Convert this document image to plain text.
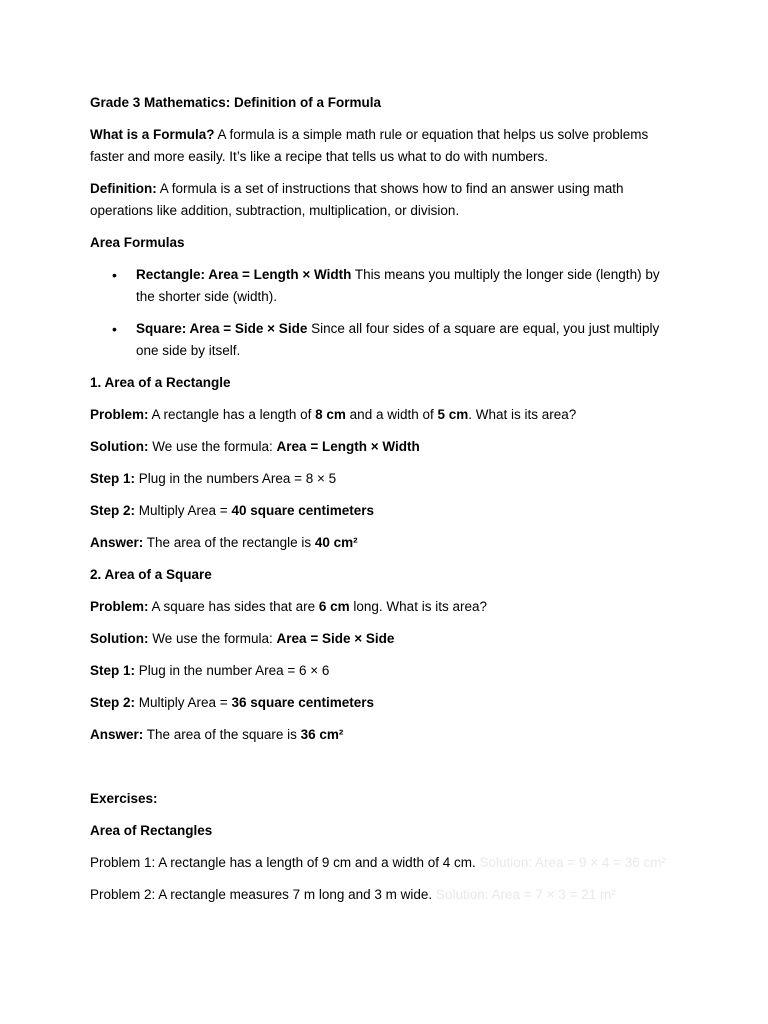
Grade 3 Mathematics: Definition of a Formula

What is a Formula? A formula is a simple math rule or equation that helps us solve problems faster and more easily. It’s like a recipe that tells us what to do with numbers.

Definition: A formula is a set of instructions that shows how to find an answer using math operations like addition, subtraction, multiplication, or division.

Area Formulas

• Rectangle: Area = Length × Width This means you multiply the longer side (length) by the shorter side (width).
• Square: Area = Side × Side Since all four sides of a square are equal, you just multiply one side by itself.

1. Area of a Rectangle

Problem: A rectangle has a length of 8 cm and a width of 5 cm. What is its area?

Solution: We use the formula: Area = Length × Width

Step 1: Plug in the numbers Area = 8 × 5

Step 2: Multiply Area = 40 square centimeters

Answer: The area of the rectangle is 40 cm²

2. Area of a Square

Problem: A square has sides that are 6 cm long. What is its area?

Solution: We use the formula: Area = Side × Side

Step 1: Plug in the number Area = 6 × 6

Step 2: Multiply Area = 36 square centimeters

Answer: The area of the square is 36 cm²

Exercises:

Area of Rectangles

Problem 1: A rectangle has a length of 9 cm and a width of 4 cm. Solution: Area = 9 × 4 = 36 cm²

Problem 2: A rectangle measures 7 m long and 3 m wide. Solution: Area = 7 × 3 = 21 m²
